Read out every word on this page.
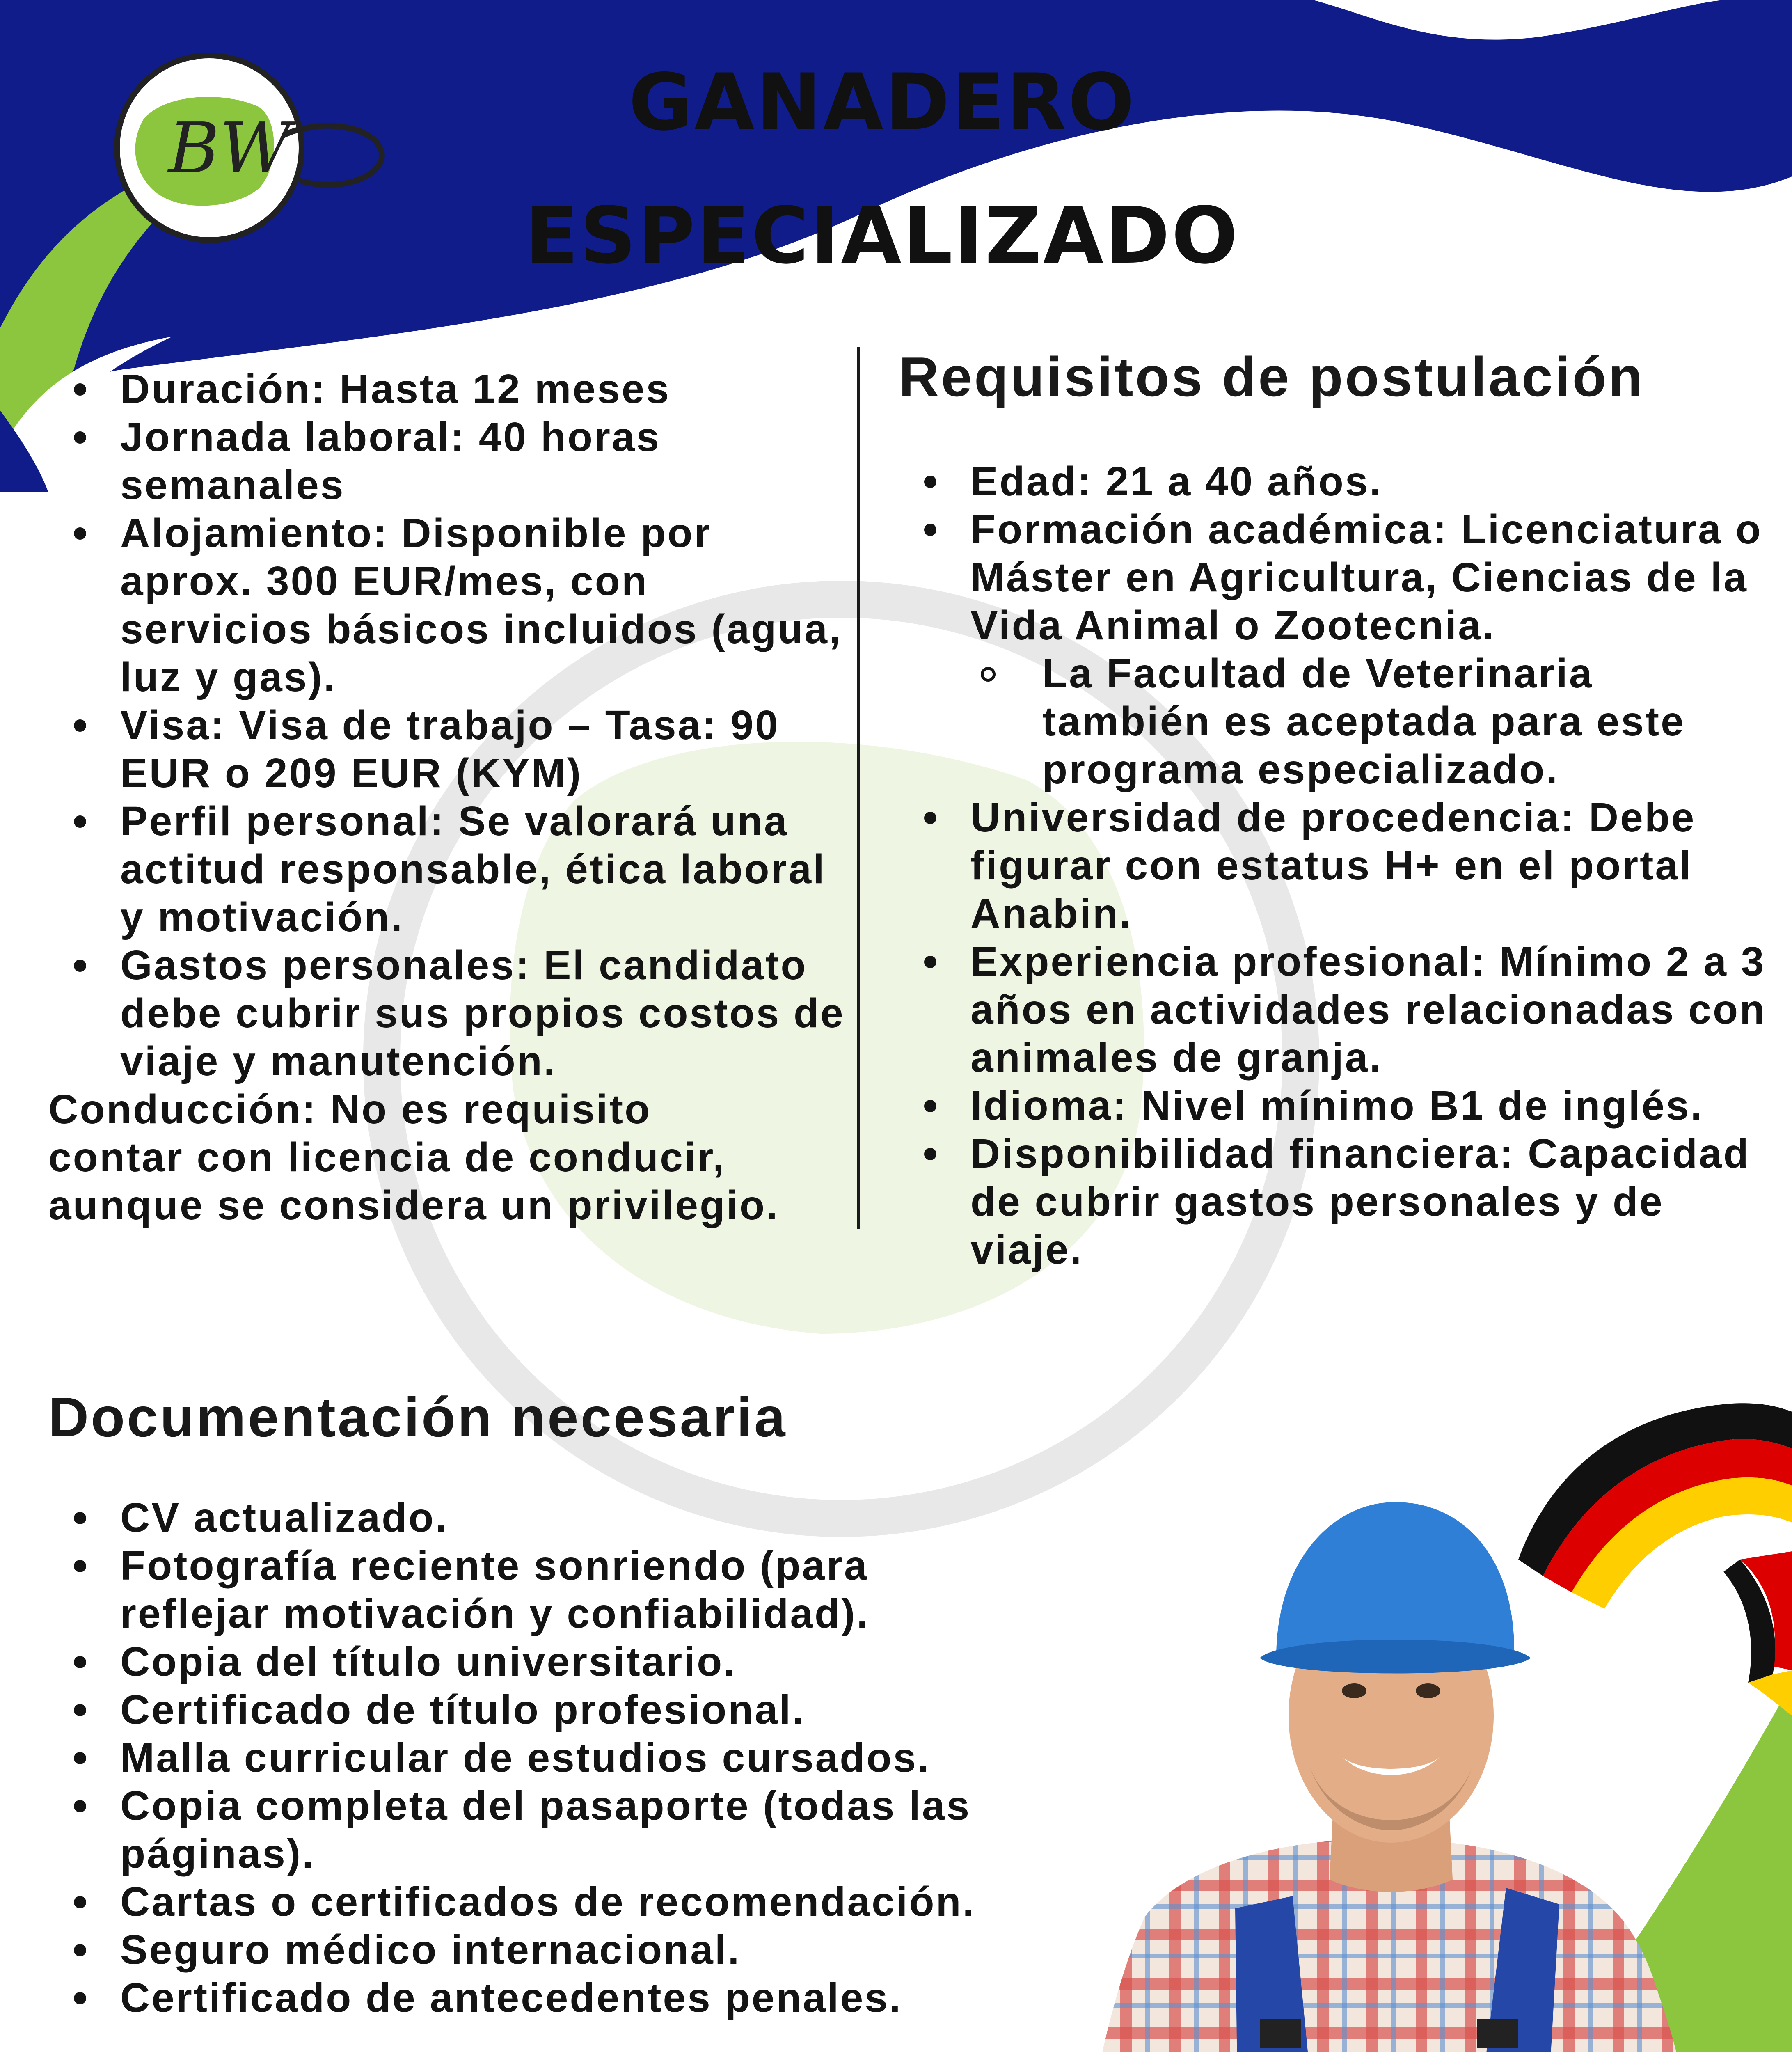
BW
GANADERO
ESPECIALIZADO
Duración: Hasta 12 meses
Jornada laboral: 40 horas semanales
Alojamiento: Disponible por aprox. 300 EUR/mes, con servicios básicos incluidos (agua, luz y gas).
Visa: Visa de trabajo – Tasa: 90 EUR o 209 EUR (KYM)
Perfil personal: Se valorará una actitud responsable, ética laboral y motivación.
Gastos personales: El candidato debe cubrir sus propios costos de viaje y manutención.
Conducción: No es requisito
contar con licencia de conducir,
aunque se considera un privilegio.
Requisitos de postulación
Edad: 21 a 40 años.
Formación académica: Licenciatura o Máster en Agricultura, Ciencias de la Vida Animal o Zootecnia.
La Facultad de Veterinaria también es aceptada para este programa especializado.
Universidad de procedencia: Debe figurar con estatus H+ en el portal Anabin.
Experiencia profesional: Mínimo 2 a 3 años en actividades relacionadas con animales de granja.
Idioma: Nivel mínimo B1 de inglés.
Disponibilidad financiera: Capacidad de cubrir gastos personales y de viaje.
Documentación necesaria
CV actualizado.
Fotografía reciente sonriendo (para reflejar motivación y confiabilidad).
Copia del título universitario.
Certificado de título profesional.
Malla curricular de estudios cursados.
Copia completa del pasaporte (todas las páginas).
Cartas o certificados de recomendación.
Seguro médico internacional.
Certificado de antecedentes penales.
